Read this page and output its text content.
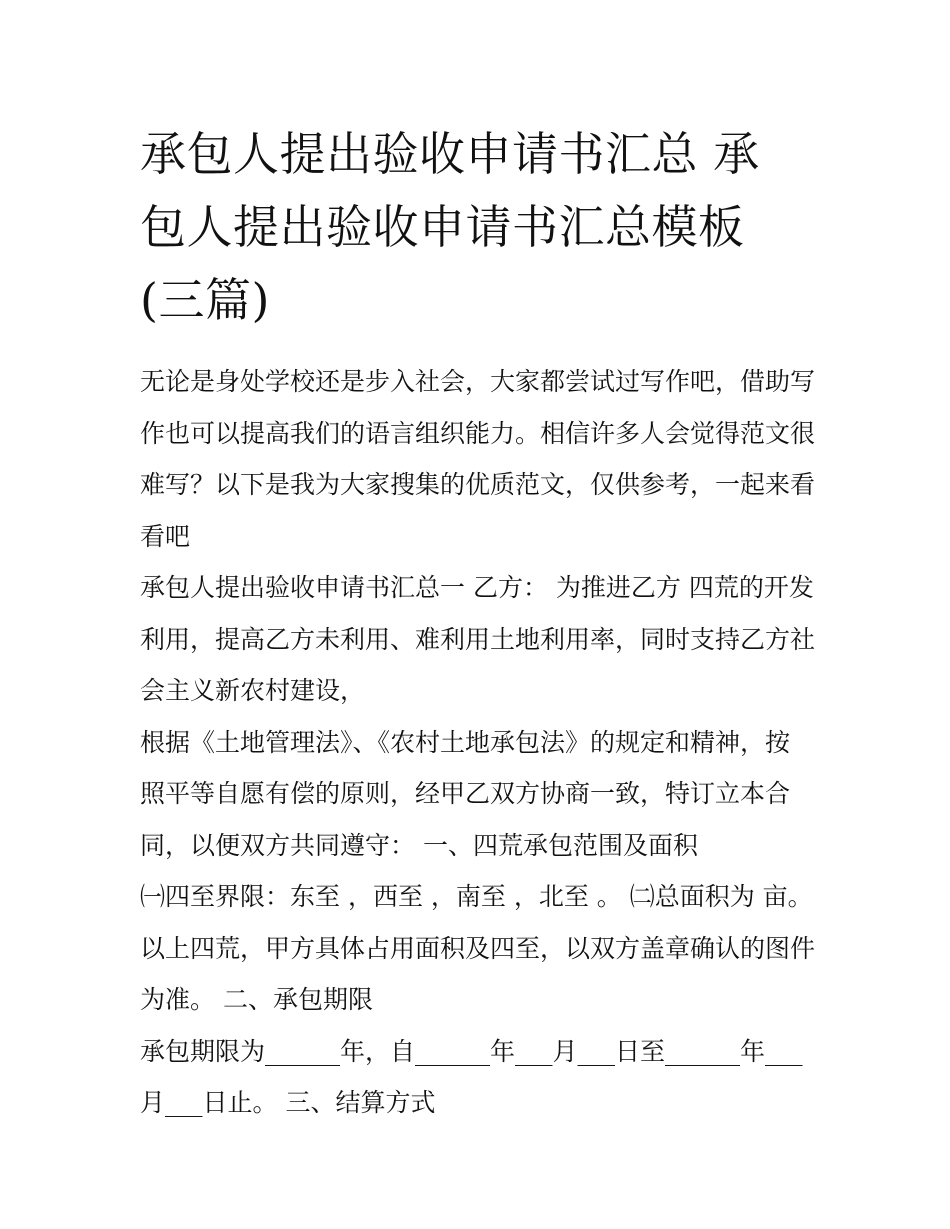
承包人提出验收申请书汇总 承
包人提出验收申请书汇总模板
(三篇)
无论是身处学校还是步入社会，大家都尝试过写作吧，借助写
作也可以提高我们的语言组织能力。相信许多人会觉得范文很
难写？以下是我为大家搜集的优质范文，仅供参考，一起来看
看吧
承包人提出验收申请书汇总一 乙方： 为推进乙方 四荒的开发
利用，提高乙方未利用、难利用土地利用率，同时支持乙方社
会主义新农村建设，
根据《土地管理法》、《农村土地承包法》的规定和精神，按
照平等自愿有偿的原则，经甲乙双方协商一致，特订立本合
同，以便双方共同遵守： 一、四荒承包范围及面积
㈠四至界限：东至 ，西至 ，南至 ，北至 。 ㈡总面积为 亩。
以上四荒，甲方具体占用面积及四至，以双方盖章确认的图件
为准。 二、承包期限
承包期限为______年，自______年___月___日至______年___
月___日止。 三、结算方式
